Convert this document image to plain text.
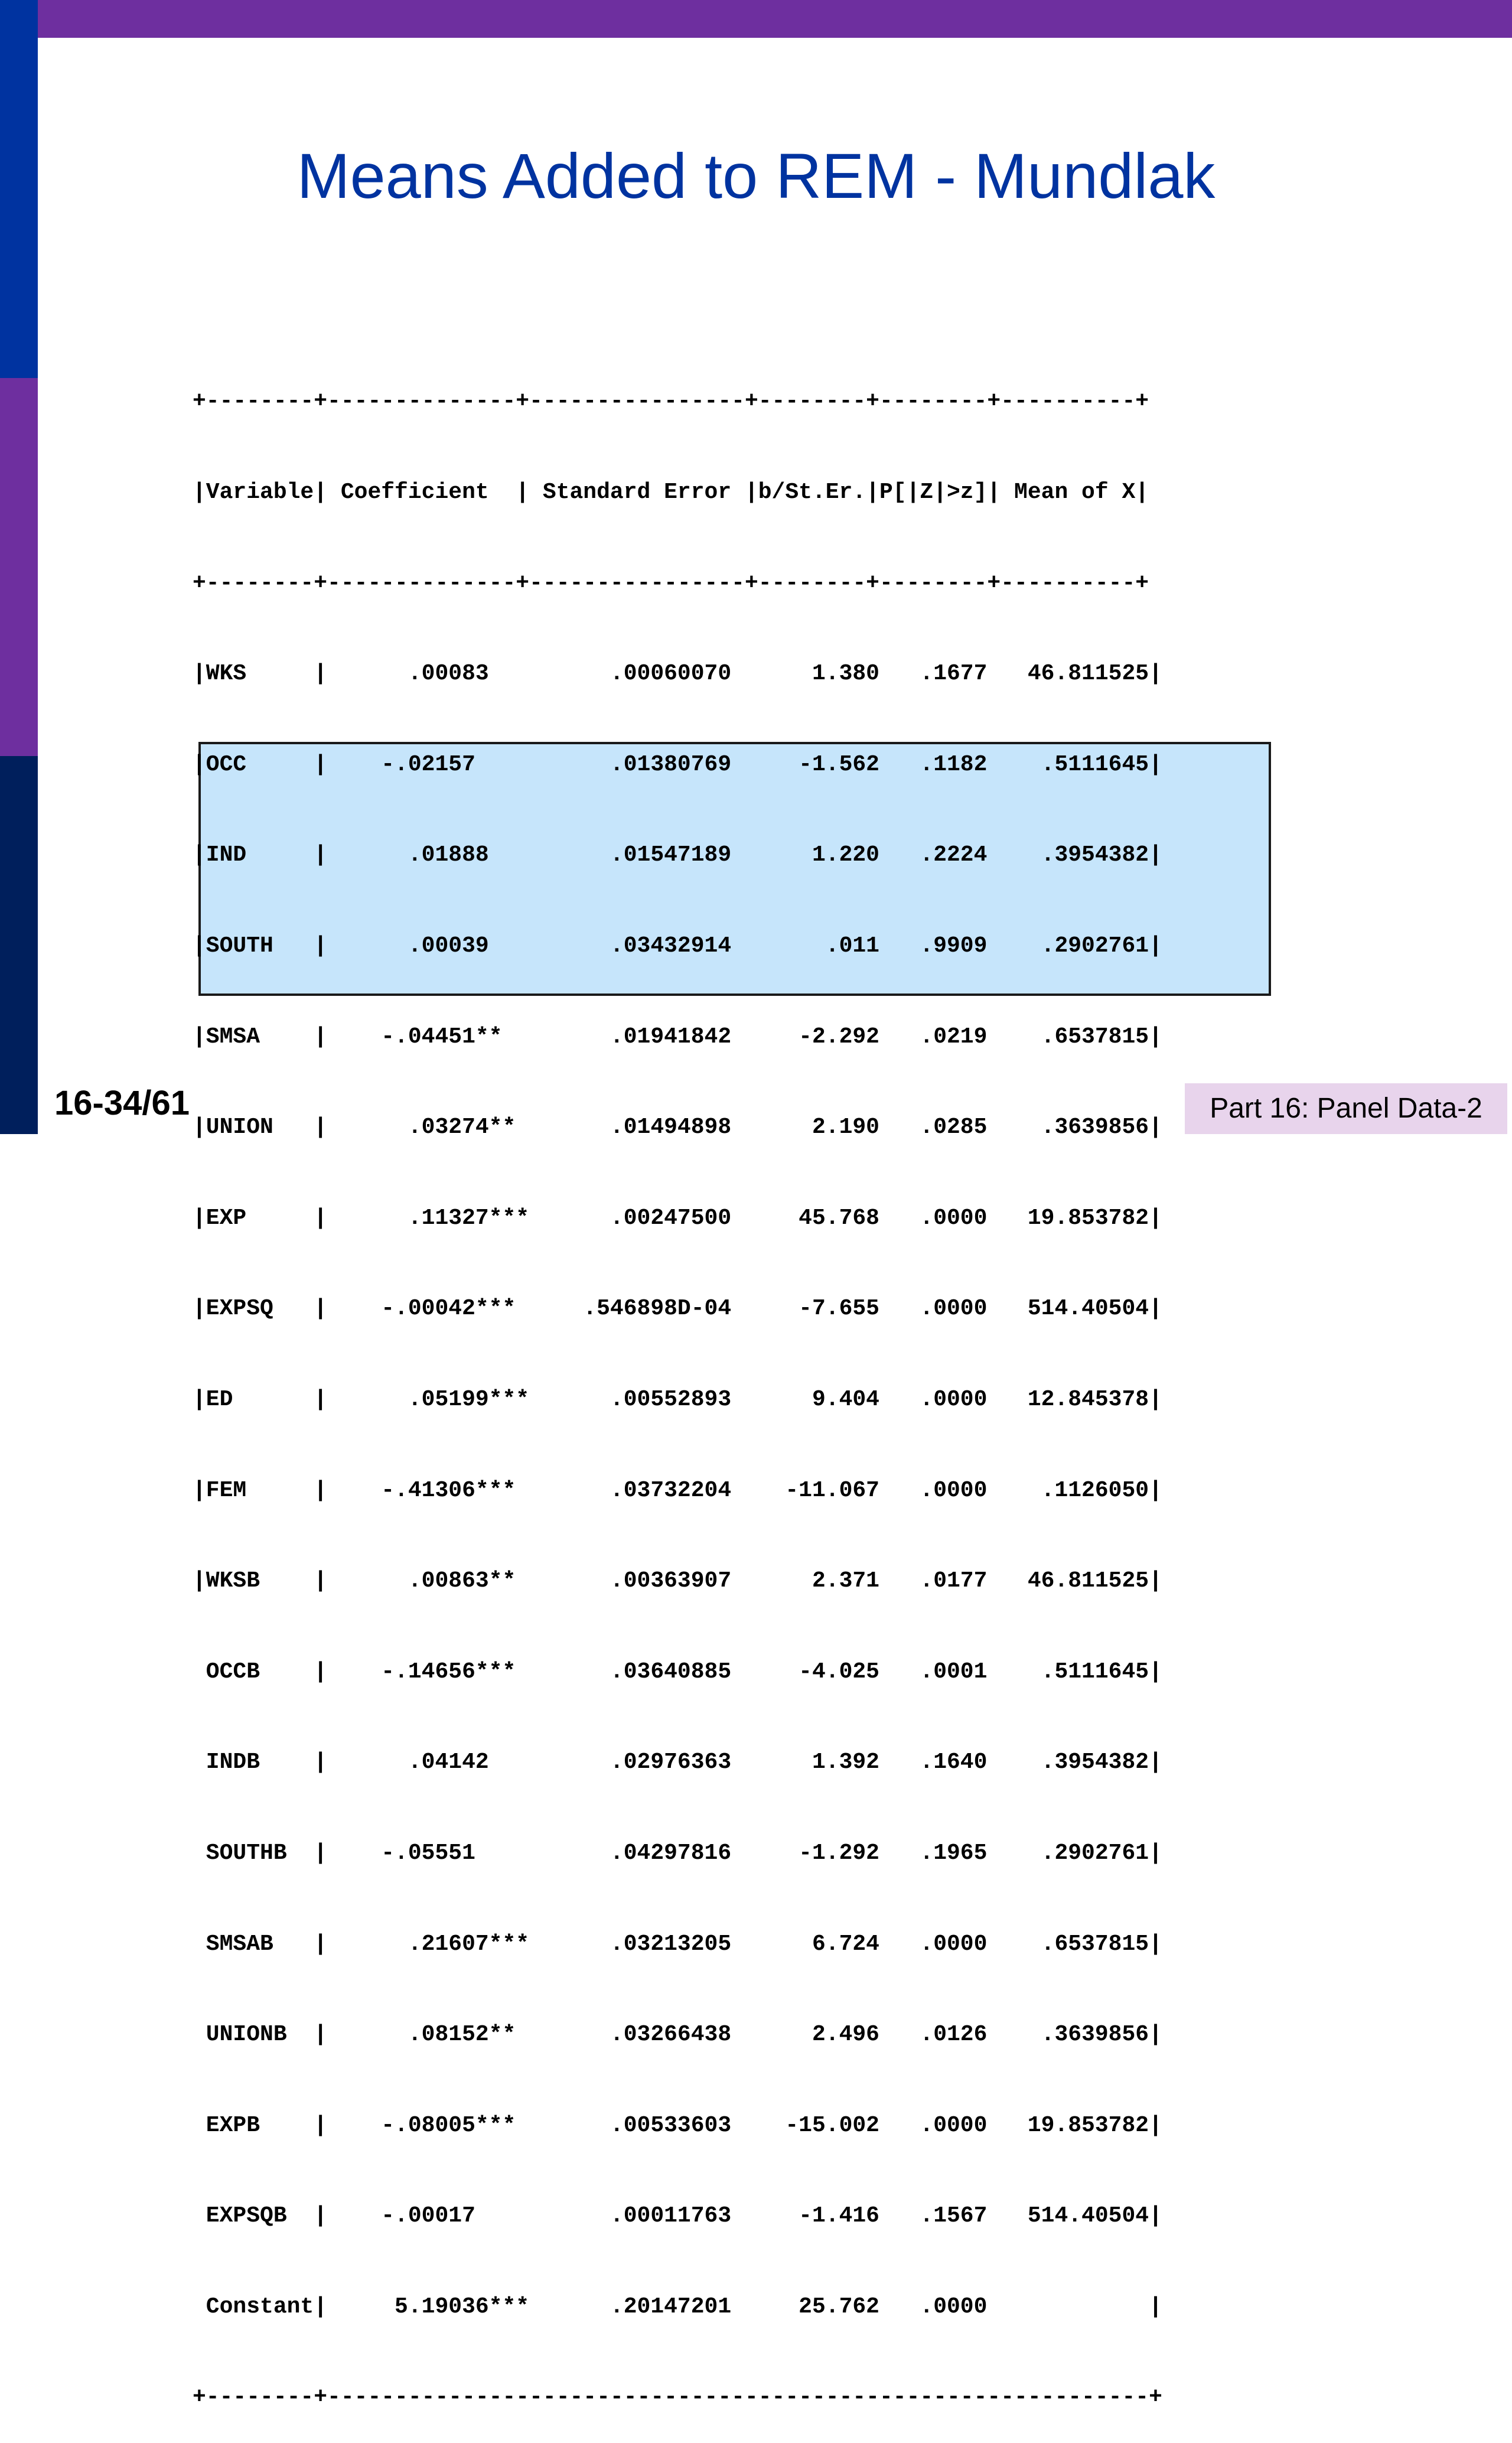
Means Added to REM - Mundlak

+--------+--------------+----------------+--------+--------+----------+

|Variable| Coefficient  | Standard Error |b/St.Er.|P[|Z|>z]| Mean of X|

+--------+--------------+----------------+--------+--------+----------+

|WKS     |      .00083         .00060070      1.380   .1677   46.811525|

|OCC     |    -.02157          .01380769     -1.562   .1182    .5111645|

|IND     |      .01888         .01547189      1.220   .2224    .3954382|

|SOUTH   |      .00039         .03432914       .011   .9909    .2902761|

|SMSA    |    -.04451**        .01941842     -2.292   .0219    .6537815|

|UNION   |      .03274**       .01494898      2.190   .0285    .3639856|

|EXP     |      .11327***      .00247500     45.768   .0000   19.853782|

|EXPSQ   |    -.00042***     .546898D-04     -7.655   .0000   514.40504|

|ED      |      .05199***      .00552893      9.404   .0000   12.845378|

|FEM     |    -.41306***       .03732204    -11.067   .0000    .1126050|

|WKSB    |      .00863**       .00363907      2.371   .0177   46.811525|

OCCB    |    -.14656***       .03640885     -4.025   .0001    .5111645|

INDB    |      .04142         .02976363      1.392   .1640    .3954382|

SOUTHB  |    -.05551          .04297816     -1.292   .1965    .2902761|

SMSAB   |      .21607***      .03213205      6.724   .0000    .6537815|

UNIONB  |      .08152**       .03266438      2.496   .0126    .3639856|

EXPB    |    -.08005***       .00533603    -15.002   .0000   19.853782|

EXPSQB  |    -.00017          .00011763     -1.416   .1567   514.40504|

Constant|     5.19036***      .20147201     25.762   .0000            |

+--------+-------------------------------------------------------------+

16-34/61	Part 16: Panel Data-2
